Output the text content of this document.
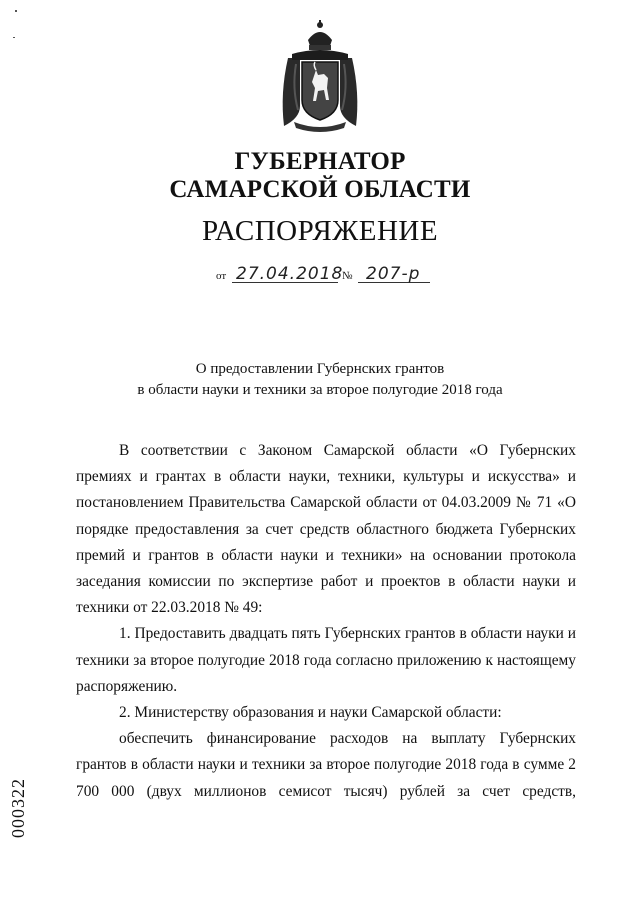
ГУБЕРНАТОР
САМАРСКОЙ ОБЛАСТИ
РАСПОРЯЖЕНИЕ
от 27.04.2018
№ 207-р
О предоставлении Губернских грантов
в области науки и техники за второе полугодие 2018 года

В соответствии с Законом Самарской области «О Губернских премиях и грантах в области науки, техники, культуры и искусства» и постановлением Правительства Самарской области от 04.03.2009 № 71 «О порядке предоставления за счет средств областного бюджета Губернских премий и грантов в области науки и техники» на основании протокола заседания комиссии по экспертизе работ и проектов в области науки и техники от 22.03.2018 № 49:

1. Предоставить двадцать пять Губернских грантов в области науки и техники за второе полугодие 2018 года согласно приложению к настоящему распоряжению.

2. Министерству образования и науки Самарской области:

обеспечить финансирование расходов на выплату Губернских грантов в области науки и техники за второе полугодие 2018 года в сумме 2 700 000 (двух миллионов семисот тысяч) рублей за счет средств,

000322
